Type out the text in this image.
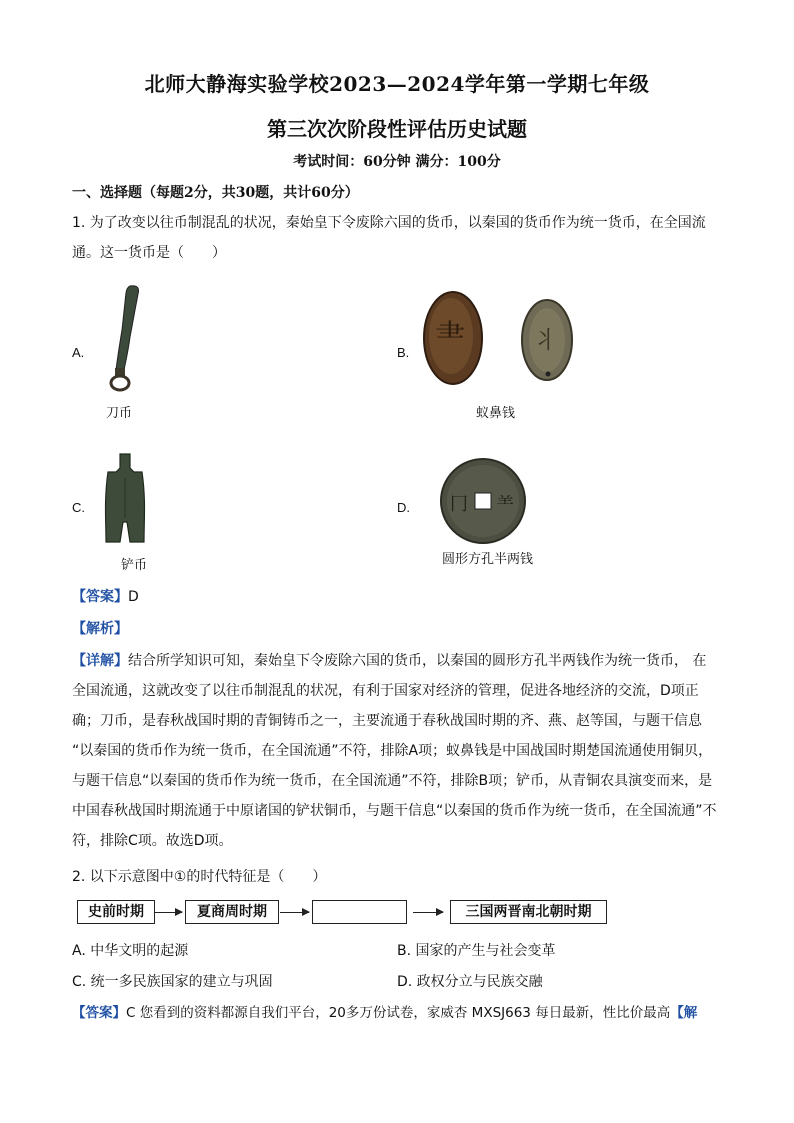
北师大静海实验学校2023—2024学年第一学期七年级
第三次次阶段性评估历史试题
考试时间：60分钟 满分：100分
一、选择题（每题2分，共30题，共计60分）
1. 为了改变以往币制混乱的状况，秦始皇下令废除六国的货币，以秦国的货币作为统一货币，在全国流
通。这一货币是（　　）
A.
刀币
B. ⺻	⺦
蚁鼻钱
C.
铲币
D. ⼌ ⺷
圆形方孔半两钱
【答案】D
【解析】
【详解】结合所学知识可知，秦始皇下令废除六国的货币，以秦国的圆形方孔半两钱作为统一货币， 在
全国流通，这就改变了以往币制混乱的状况，有利于国家对经济的管理，促进各地经济的交流，D项正
确；刀币，是春秋战国时期的青铜铸币之一，主要流通于春秋战国时期的齐、燕、赵等国，与题干信息
“以秦国的货币作为统一货币，在全国流通”不符，排除A项；蚁鼻钱是中国战国时期楚国流通使用铜贝，
与题干信息“以秦国的货币作为统一货币，在全国流通”不符，排除B项；铲币，从青铜农具演变而来，是
中国春秋战国时期流通于中原诸国的铲状铜币，与题干信息“以秦国的货币作为统一货币，在全国流通”不
符，排除C项。故选D项。
2. 以下示意图中①的时代特征是（　　）
史前时期	夏商周时期	三国两晋南北朝时期
A. 中华文明的起源	B. 国家的产生与社会变革
C. 统一多民族国家的建立与巩固	D. 政权分立与民族交融
【答案】C 您看到的资料都源自我们平台，20多万份试卷，家威杏 MXSJ663 每日最新，性比价最高【解
